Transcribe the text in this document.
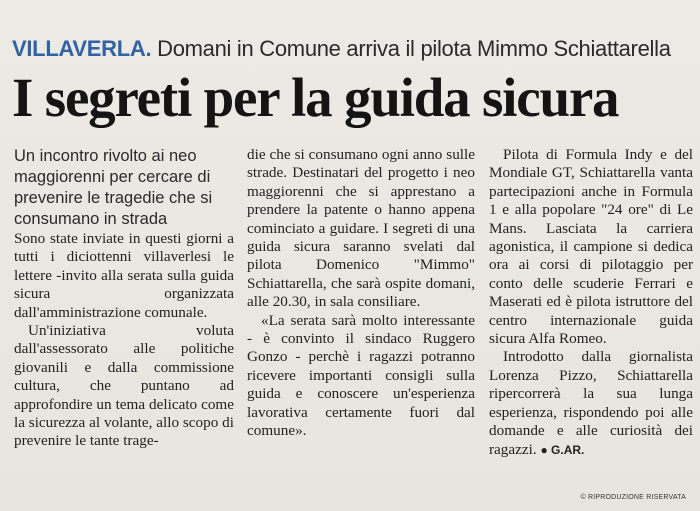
VILLAVERLA. Domani in Comune arriva il pilota Mimmo Schiattarella
I segreti per la guida sicura

Un incontro rivolto ai neo maggiorenni per cercare di prevenire le tragedie che si consumano in strada

Sono state inviate in questi giorni a tutti i diciottenni villaverlesi le lettere -invito alla serata sulla guida sicura organizzata dall'amministrazione comunale.

Un'iniziativa voluta dall'assessorato alle politiche giovanili e dalla commissione cultura, che puntano ad approfondire un tema delicato come la sicurezza al volante, allo scopo di prevenire le tante trage-

die che si consumano ogni anno sulle strade. Destinatari del progetto i neo maggiorenni che si apprestano a prendere la patente o hanno appena cominciato a guidare. I segreti di una guida sicura saranno svelati dal pilota Domenico "Mimmo" Schiattarella, che sarà ospite domani, alle 20.30, in sala consiliare.

«La serata sarà molto interessante - è convinto il sindaco Ruggero Gonzo - perchè i ragazzi potranno ricevere importanti consigli sulla guida e conoscere un'esperienza lavorativa certamente fuori dal comune».

Pilota di Formula Indy e del Mondiale GT, Schiattarella vanta partecipazioni anche in Formula 1 e alla popolare "24 ore" di Le Mans. Lasciata la carriera agonistica, il campione si dedica ora ai corsi di pilotaggio per conto delle scuderie Ferrari e Maserati ed è pilota istruttore del centro internazionale guida sicura Alfa Romeo.

Introdotto dalla giornalista Lorenza Pizzo, Schiattarella ripercorrerà la sua lunga esperienza, rispondendo poi alle domande e alle curiosità dei ragazzi. ● G.AR.

© RIPRODUZIONE RISERVATA
